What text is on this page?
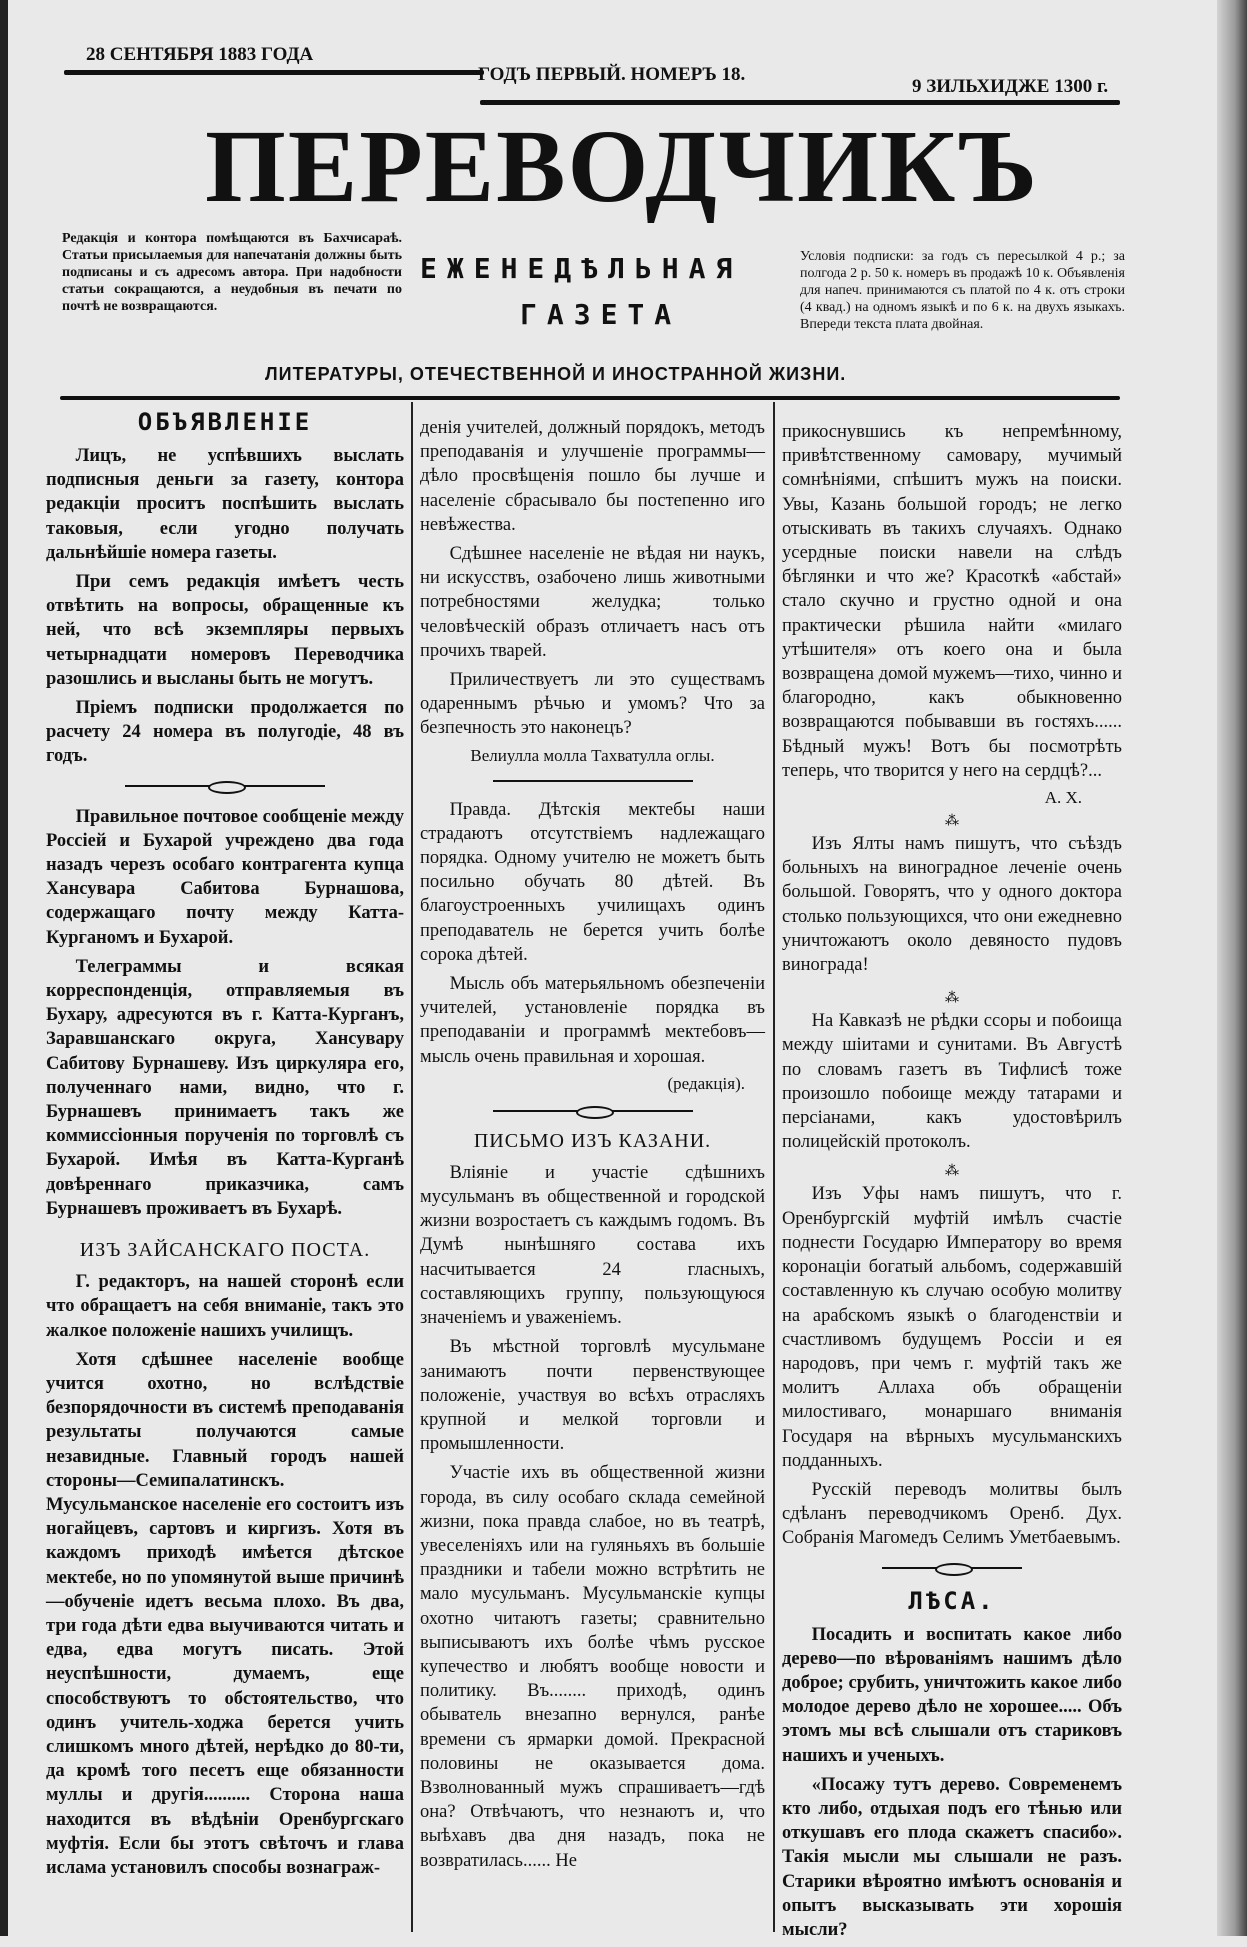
28 СЕНТЯБРЯ 1883 ГОДА
ГОДЪ ПЕРВЫЙ. НОМЕРЪ 18.
9 ЗИЛЬХИДЖЕ 1300 г.
ПЕРЕВОДЧИКЪ
Редакція и контора помѣщаются въ Бахчисараѣ. Статьи присылаемыя для напечатанія должны быть подписаны и съ адресомъ автора. При надобности статьи сокращаются, а неудобныя въ печати по почтѣ не возвращаются.
ЕЖЕНЕДѢЛЬНАЯ
ГАЗЕТА
Условія подписки: за годъ съ пересылкой 4 р.; за полгода 2 р. 50 к. номеръ въ продажѣ 10 к. Объявленія для напеч. принимаются съ платой по 4 к. отъ строки (4 квад.) на одномъ языкѣ и по 6 к. на двухъ языкахъ. Впереди текста плата двойная.
ЛИТЕРАТУРЫ, ОТЕЧЕСТВЕННОЙ И ИНОСТРАННОЙ ЖИЗНИ.
ОБЪЯВЛЕНІЕ

Лицъ, не успѣвшихъ выслать подписныя деньги за газету, контора редакціи проситъ поспѣшить выслать таковыя, если угодно получать дальнѣйшіе номера газеты.

При семъ редакція имѣетъ честь отвѣтить на вопросы, обращенные къ ней, что всѣ экземпляры первыхъ четырнадцати номеровъ Переводчика разошлись и высланы быть не могутъ.

Пріемъ подписки продолжается по расчету 24 номера въ полугодіе, 48 въ годъ.

Правильное почтовое сообщеніе между Россіей и Бухарой учреждено два года назадъ черезъ особаго контрагента купца Хансувара Сабитова Бурнашова, содержащаго почту между Катта-Курганомъ и Бухарой.

Телеграммы и всякая корреспонденція, отправляемыя въ Бухару, адресуются въ г. Катта-Курганъ, Заравшанскаго округа, Хансувару Сабитову Бурнашеву. Изъ циркуляра его, полученнаго нами, видно, что г. Бурнашевъ принимаетъ такъ же коммиссіонныя порученія по торговлѣ съ Бухарой. Имѣя въ Катта-Курганѣ довѣреннаго приказчика, самъ Бурнашевъ проживаетъ въ Бухарѣ.

ИЗЪ ЗАЙСАНСКАГО ПОСТА.

Г. редакторъ, на нашей сторонѣ если что обращаетъ на себя вниманіе, такъ это жалкое положеніе нашихъ училищъ.

Хотя сдѣшнее населеніе вообще учится охотно, но вслѣдствіе безпорядочности въ системѣ преподаванія результаты получаются самые незавидные. Главный городъ нашей стороны—Семипалатинскъ. Мусульманское населеніе его состоитъ изъ ногайцевъ, сартовъ и киргизъ. Хотя въ каждомъ приходѣ имѣется дѣтское мектебе, но по упомянутой выше причинѣ—обученіе идетъ весьма плохо. Въ два, три года дѣти едва выучиваются читать и едва, едва могутъ писать. Этой неуспѣшности, думаемъ, еще способствуютъ то обстоятельство, что одинъ учитель-ходжа берется учить слишкомъ много дѣтей, нерѣдко до 80-ти, да кромѣ того песетъ еще обязанности муллы и другія.......... Сторона наша находится въ вѣдѣніи Оренбургскаго муфтія. Если бы этотъ свѣточъ и глава ислама установилъ способы вознаграж-

денія учителей, должный порядокъ, методъ преподаванія и улучшеніе программы—дѣло просвѣщенія пошло бы лучше и населеніе сбрасывало бы постепенно иго невѣжества.

Сдѣшнее населеніе не вѣдая ни наукъ, ни искусствъ, озабочено лишь животными потребностями желудка; только человѣческій образъ отличаетъ насъ отъ прочихъ тварей.

Приличествуетъ ли это существамъ одареннымъ рѣчью и умомъ? Что за безпечность это наконецъ?

Велиулла молла Тахватулла оглы.

Правда. Дѣтскія мектебы наши страдаютъ отсутствіемъ надлежащаго порядка. Одному учителю не можетъ быть посильно обучать 80 дѣтей. Въ благоустроенныхъ училищахъ одинъ преподаватель не берется учить болѣе сорока дѣтей.

Мысль объ матерьяльномъ обезпеченіи учителей, установленіе порядка въ преподаваніи и программѣ мектебовъ—мысль очень правильная и хорошая.

(редакція).
ПИСЬМО ИЗЪ КАЗАНИ.

Вліяніе и участіе сдѣшнихъ мусульманъ въ общественной и городской жизни возростаетъ съ каждымъ годомъ. Въ Думѣ нынѣшняго состава ихъ насчитывается 24 гласныхъ, составляющихъ группу, пользующуюся значеніемъ и уваженіемъ.

Въ мѣстной торговлѣ мусульмане занимаютъ почти первенствующее положеніе, участвуя во всѣхъ отрасляхъ крупной и мелкой торговли и промышленности.

Участіе ихъ въ общественной жизни города, въ силу особаго склада семейной жизни, пока правда слабое, но въ театрѣ, увеселеніяхъ или на гуляньяхъ въ большіе праздники и табели можно встрѣтить не мало мусульманъ. Мусульманскіе купцы охотно читаютъ газеты; сравнительно выписываютъ ихъ болѣе чѣмъ русское купечество и любятъ вообще новости и политику. Въ........ приходѣ, одинъ обыватель внезапно вернулся, ранѣе времени съ ярмарки домой. Прекрасной половины не оказывается дома. Взволнованный мужъ спрашиваетъ—гдѣ она? Отвѣчаютъ, что незнаютъ и, что выѣхавъ два дня назадъ, пока не возвратилась...... Не

прикоснувшись къ непремѣнному, привѣтственному самовару, мучимый сомнѣніями, спѣшитъ мужъ на поиски. Увы, Казань большой городъ; не легко отыскивать въ такихъ случаяхъ. Однако усердные поиски навели на слѣдъ бѣглянки и что же? Красоткѣ «абстай» стало скучно и грустно одной и она практически рѣшила найти «милаго утѣшителя» отъ коего она и была возвращена домой мужемъ—тихо, чинно и благородно, какъ обыкновенно возвращаются побывавши въ гостяхъ...... Бѣдный мужъ! Вотъ бы посмотрѣть теперь, что творится у него на сердцѣ?...

А. Х.
⁂

Изъ Ялты намъ пишутъ, что съѣздъ больныхъ на виноградное леченіе очень большой. Говорятъ, что у одного доктора столько пользующихся, что они ежедневно уничтожаютъ около девяносто пудовъ винограда!

⁂

На Кавказѣ не рѣдки ссоры и побоища между шіитами и сунитами. Въ Августѣ по словамъ газетъ въ Тифлисѣ тоже произошло побоище между татарами и персіанами, какъ удостовѣрилъ полицейскій протоколъ.

⁂

Изъ Уфы намъ пишутъ, что г. Оренбургскій муфтій имѣлъ счастіе поднести Государю Императору во время коронаціи богатый альбомъ, содержавшій составленную къ случаю особую молитву на арабскомъ языкѣ о благоденствіи и счастливомъ будущемъ Россіи и ея народовъ, при чемъ г. муфтій такъ же молитъ Аллаха объ обращеніи милостиваго, монаршаго вниманія Государя на вѣрныхъ мусульманскихъ подданныхъ.

Русскій переводъ молитвы былъ сдѣланъ переводчикомъ Оренб. Дух. Собранія Магомедъ Селимъ Уметбаевымъ.

ЛѢСА.

Посадить и воспитать какое либо дерево—по вѣрованіямъ нашимъ дѣло доброе; срубить, уничтожить какое либо молодое дерево дѣло не хорошее..... Объ этомъ мы всѣ слышали отъ стариковъ нашихъ и ученыхъ.

«Посажу тутъ дерево. Современемъ кто либо, отдыхая подъ его тѣнью или откушавъ его плода скажетъ спасибо». Такія мысли мы слышали не разъ. Старики вѣроятно имѣютъ основанія и опытъ высказывать эти хорошія мысли?
